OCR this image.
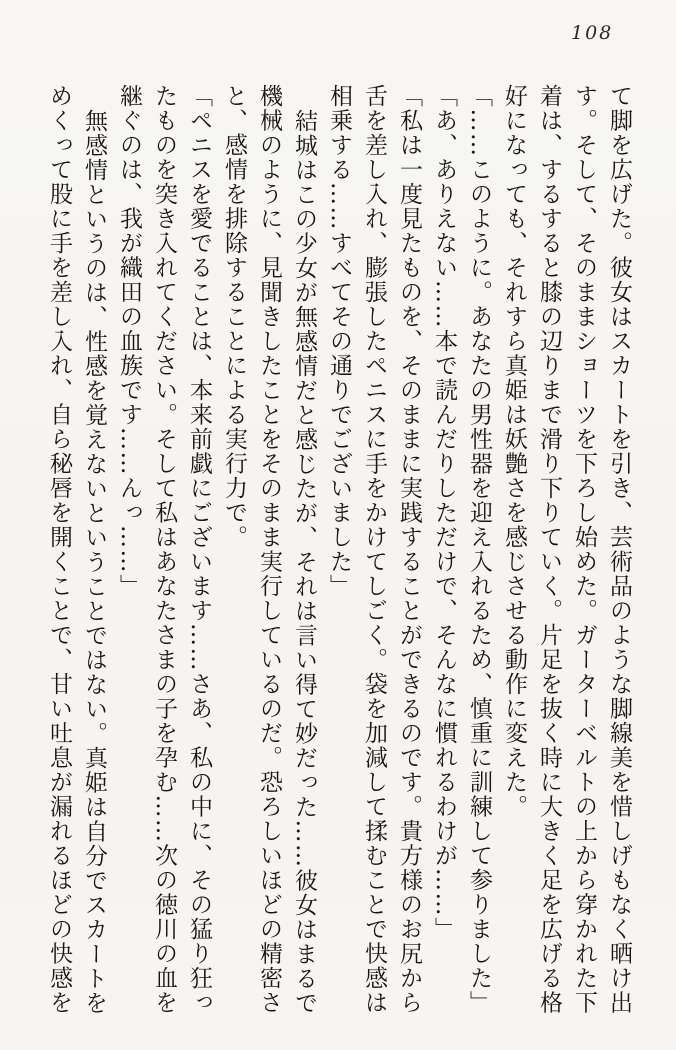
108
て脚を広げた。彼女はスカートを引き、芸術品のような脚線美を惜しげもなく晒け出
す。そして、そのままショーツを下ろし始めた。ガーターベルトの上から穿かれた下
着は、するすると膝の辺りまで滑り下りていく。片足を抜く時に大きく足を広げる格
好になっても、それすら真姫は妖艶さを感じさせる動作に変えた。
「……このように。あなたの男性器を迎え入れるため、慎重に訓練して参りました」
「あ、ありえない……本で読んだりしただけで、そんなに慣れるわけが……」
「私は一度見たものを、そのままに実践することができるのです。貴方様のお尻から
舌を差し入れ、膨張したペニスに手をかけてしごく。袋を加減して揉むことで快感は
相乗する……すべてその通りでございました」
結城はこの少女が無感情だと感じたが、それは言い得て妙だった……彼女はまるで
機械のように、見聞きしたことをそのまま実行しているのだ。恐ろしいほどの精密さ
と、感情を排除することによる実行力で。
「ペニスを愛でることは、本来前戯にございます……さあ、私の中に、その猛り狂っ
たものを突き入れてください。そして私はあなたさまの子を孕む……次の徳川の血を
継ぐのは、我が織田の血族です……んっ……」
無感情というのは、性感を覚えないということではない。真姫は自分でスカートを
めくって股に手を差し入れ、自ら秘唇を開くことで、甘い吐息が漏れるほどの快感を
